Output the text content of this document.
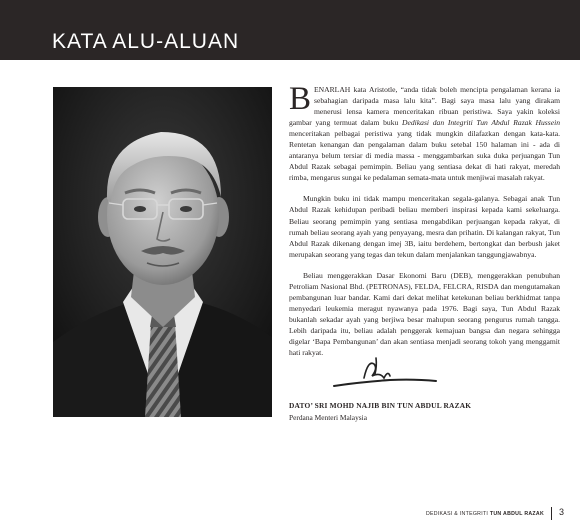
KATA ALU-ALUAN

BENARLAH kata Aristotle, “anda tidak boleh mencipta pengalaman kerana ia sebahagian daripada masa lalu kita”. Bagi saya masa lalu yang dirakam menerusi lensa kamera menceritakan ribuan peristiwa. Saya yakin koleksi gambar yang termuat dalam buku Dedikasi dan Integriti Tun Abdul Razak Hussein menceritakan pelbagai peristiwa yang tidak mungkin dilafazkan dengan kata-kata. Rentetan kenangan dan pengalaman dalam buku setebal 150 halaman ini - ada di antaranya belum tersiar di media massa - menggambarkan suka duka perjuangan Tun Abdul Razak sebagai pemimpin. Beliau yang sentiasa dekat di hati rakyat, meredah rimba, mengarus sungai ke pedalaman semata-mata untuk menjiwai masalah rakyat.

Mungkin buku ini tidak mampu menceritakan segala-galanya. Sebagai anak Tun Abdul Razak kehidupan peribadi beliau memberi inspirasi kepada kami sekeluarga. Beliau seorang pemimpin yang sentiasa mengabdikan perjuangan kepada rakyat, di rumah beliau seorang ayah yang penyayang, mesra dan prihatin. Di kalangan rakyat, Tun Abdul Razak dikenang dengan imej 3B, iaitu berdehem, bertongkat dan berbush jaket merupakan seorang yang tegas dan tekun dalam menjalankan tanggungjawabnya.

Beliau menggerakkan Dasar Ekonomi Baru (DEB), menggerakkan penubuhan Petroliam Nasional Bhd. (PETRONAS), FELDA, FELCRA, RISDA dan mengutamakan pembangunan luar bandar. Kami dari dekat melihat ketekunan beliau berkhidmat tanpa menyedari leukemia meragut nyawanya pada 1976. Bagi saya, Tun Abdul Razak bukanlah sekadar ayah yang berjiwa besar mahupun seorang pengurus rumah tangga. Lebih daripada itu, beliau adalah penggerak kemajuan bangsa dan negara sehingga digelar ‘Bapa Pembangunan’ dan akan sentiasa menjadi seorang tokoh yang menggamit hati rakyat.

DATO’ SRI MOHD NAJIB BIN TUN ABDUL RAZAK

Perdana Menteri Malaysia

DEDIKASI & INTEGRITI TUN ABDUL RAZAK 3
